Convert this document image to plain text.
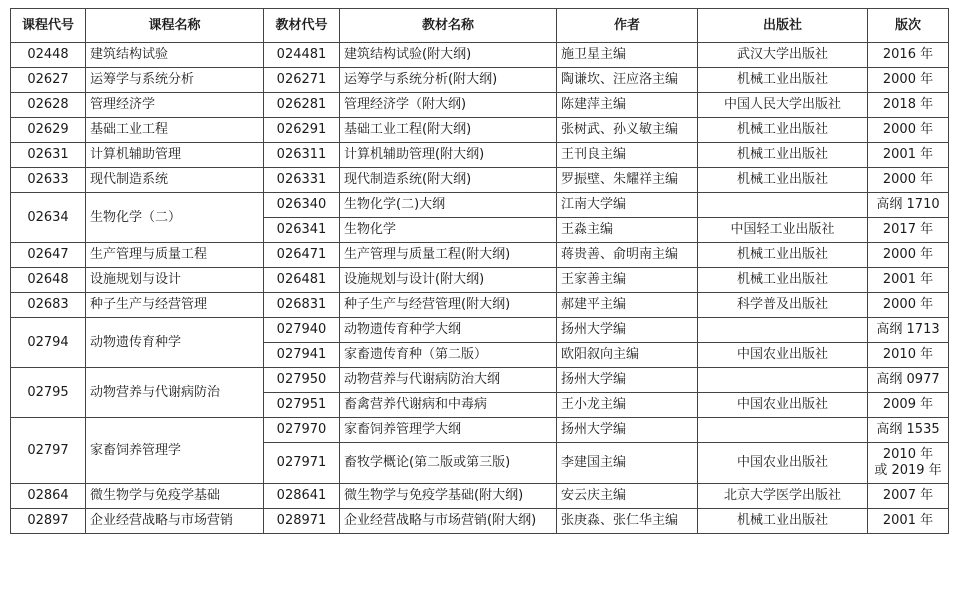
课程代号	课程名称	教材代号	教材名称	作者	出版社	版次
02448	建筑结构试验	024481	建筑结构试验(附大纲)	施卫星主编	武汉大学出版社	2016 年
02627	运筹学与系统分析	026271	运筹学与系统分析(附大纲)	陶谦坎、汪应洛主编	机械工业出版社	2000 年
02628	管理经济学	026281	管理经济学（附大纲)	陈建萍主编	中国人民大学出版社	2018 年
02629	基础工业工程	026291	基础工业工程(附大纲)	张树武、孙义敏主编	机械工业出版社	2000 年
02631	计算机辅助管理	026311	计算机辅助管理(附大纲)	王刊良主编	机械工业出版社	2001 年
02633	现代制造系统	026331	现代制造系统(附大纲)	罗振壁、朱耀祥主编	机械工业出版社	2000 年
02634	生物化学（二）	026340	生物化学(二)大纲	江南大学编		高纲 1710
		026341	生物化学	王淼主编	中国轻工业出版社	2017 年
02647	生产管理与质量工程	026471	生产管理与质量工程(附大纲)	蒋贵善、俞明南主编	机械工业出版社	2000 年
02648	设施规划与设计	026481	设施规划与设计(附大纲)	王家善主编	机械工业出版社	2001 年
02683	种子生产与经营管理	026831	种子生产与经营管理(附大纲)	郝建平主编	科学普及出版社	2000 年
02794	动物遗传育种学	027940	动物遗传育种学大纲	扬州大学编		高纲 1713
		027941	家畜遗传育种（第二版）	欧阳叙向主编	中国农业出版社	2010 年
02795	动物营养与代谢病防治	027950	动物营养与代谢病防治大纲	扬州大学编		高纲 0977
		027951	畜禽营养代谢病和中毒病	王小龙主编	中国农业出版社	2009 年
02797	家畜饲养管理学	027970	家畜饲养管理学大纲	扬州大学编		高纲 1535
		027971	畜牧学概论(第二版或第三版)	李建国主编	中国农业出版社	2010 年
或 2019 年
02864	微生物学与免疫学基础	028641	微生物学与免疫学基础(附大纲)	安云庆主编	北京大学医学出版社	2007 年
02897	企业经营战略与市场营销	028971	企业经营战略与市场营销(附大纲)	张庚淼、张仁华主编	机械工业出版社	2001 年
